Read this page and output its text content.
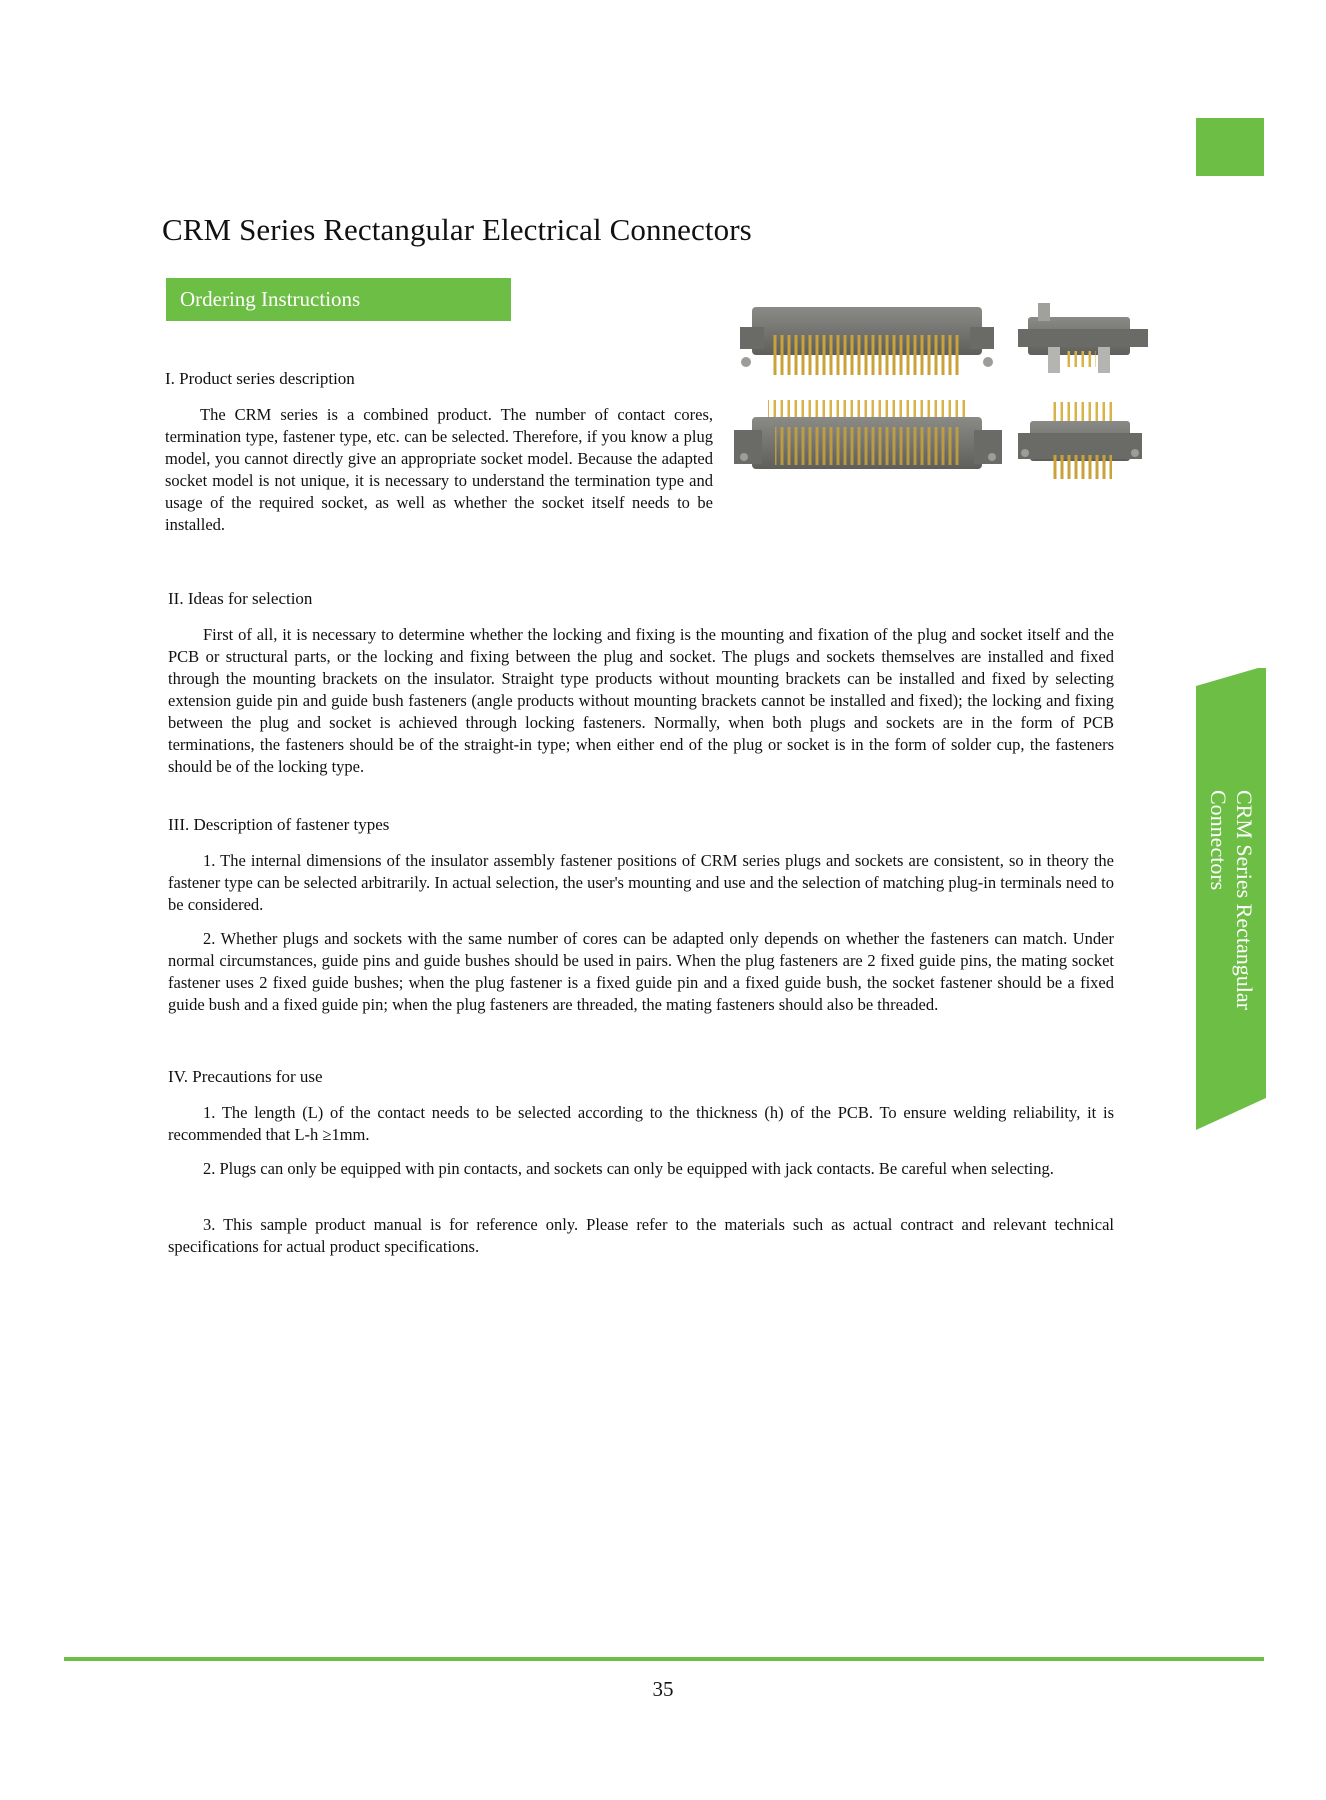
CRM Series Rectangular Electrical Connectors
Ordering Instructions
I. Product series description

The CRM series is a combined product. The number of contact cores, termination type, fastener type, etc. can be selected. Therefore, if you know a plug model, you cannot directly give an appropriate socket model. Because the adapted socket model is not unique, it is necessary to understand the termination type and usage of the required socket, as well as whether the socket itself needs to be installed.

II. Ideas for selection

First of all, it is necessary to determine whether the locking and fixing is the mounting and fixation of the plug and socket itself and the PCB or structural parts, or the locking and fixing between the plug and socket. The plugs and sockets themselves are installed and fixed through the mounting brackets on the insulator. Straight type products without mounting brackets can be installed and fixed by selecting extension guide pin and guide bush fasteners (angle products without mounting brackets cannot be installed and fixed); the locking and fixing between the plug and socket is achieved through locking fasteners. Normally, when both plugs and sockets are in the form of PCB terminations, the fasteners should be of the straight-in type; when either end of the plug or socket is in the form of solder cup, the fasteners should be of the locking type.

III. Description of fastener types

1. The internal dimensions of the insulator assembly fastener positions of CRM series plugs and sockets are consistent, so in theory the fastener type can be selected arbitrarily. In actual selection, the user's mounting and use and the selection of matching plug-in terminals need to be considered.

2. Whether plugs and sockets with the same number of cores can be adapted only depends on whether the fasteners can match. Under normal circumstances, guide pins and guide bushes should be used in pairs. When the plug fasteners are 2 fixed guide pins, the mating socket fastener uses 2 fixed guide bushes; when the plug fastener is a fixed guide pin and a fixed guide bush, the socket fastener should be a fixed guide bush and a fixed guide pin; when the plug fasteners are threaded, the mating fasteners should also be threaded.

IV. Precautions for use

1. The length (L) of the contact needs to be selected according to the thickness (h) of the PCB. To ensure welding reliability, it is recommended that L-h ≥1mm.

2. Plugs can only be equipped with pin contacts, and sockets can only be equipped with jack contacts. Be careful when selecting.

3. This sample product manual is for reference only. Please refer to the materials such as actual contract and relevant technical specifications for actual product specifications.

CRM Series Rectangular Connectors
35
